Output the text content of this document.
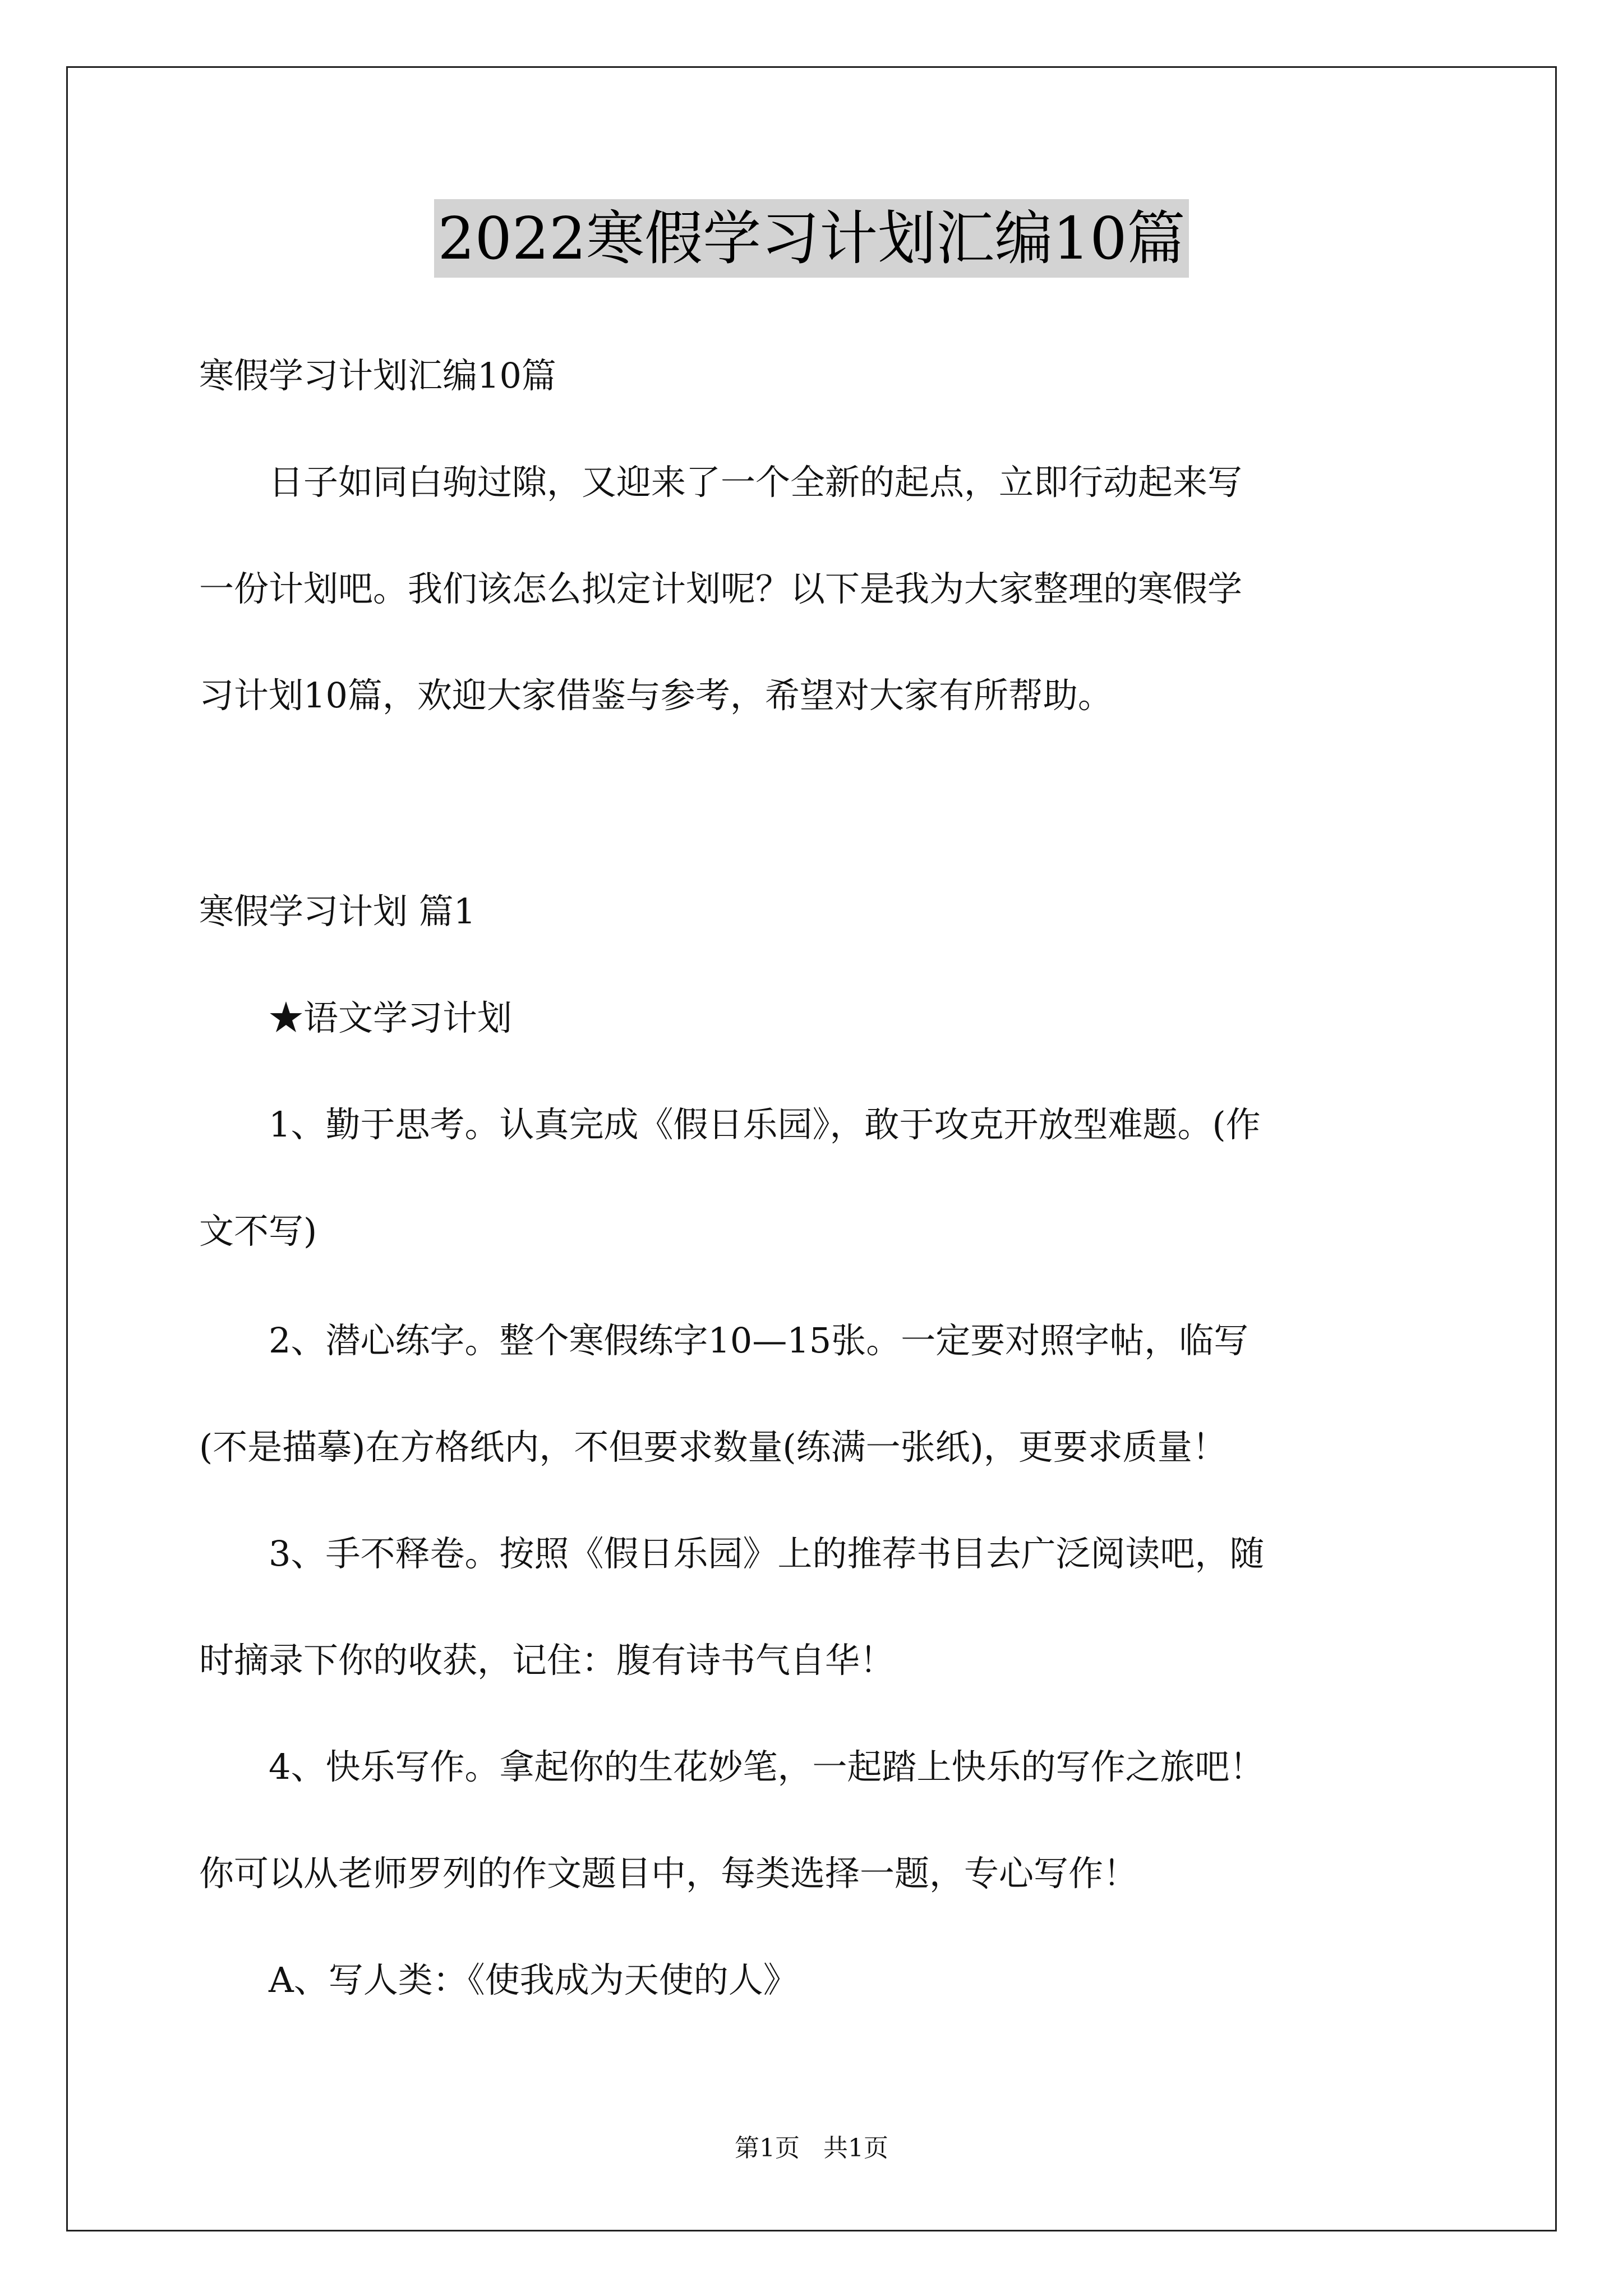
2022寒假学习计划汇编10篇
寒假学习计划汇编10篇
　　日子如同白驹过隙，又迎来了一个全新的起点，立即行动起来写
一份计划吧。我们该怎么拟定计划呢？以下是我为大家整理的寒假学
习计划10篇，欢迎大家借鉴与参考，希望对大家有所帮助。
寒假学习计划 篇1
　　★语文学习计划
　　1、勤于思考。认真完成《假日乐园》，敢于攻克开放型难题。(作
文不写)
　　2、潜心练字。整个寒假练字10—15张。一定要对照字帖，临写
(不是描摹)在方格纸内，不但要求数量(练满一张纸)，更要求质量！
　　3、手不释卷。按照《假日乐园》上的推荐书目去广泛阅读吧，随
时摘录下你的收获，记住：腹有诗书气自华！
　　4、快乐写作。拿起你的生花妙笔，一起踏上快乐的写作之旅吧！
你可以从老师罗列的作文题目中，每类选择一题，专心写作！
　　A、写人类：《使我成为天使的人》
第1页 共1页
